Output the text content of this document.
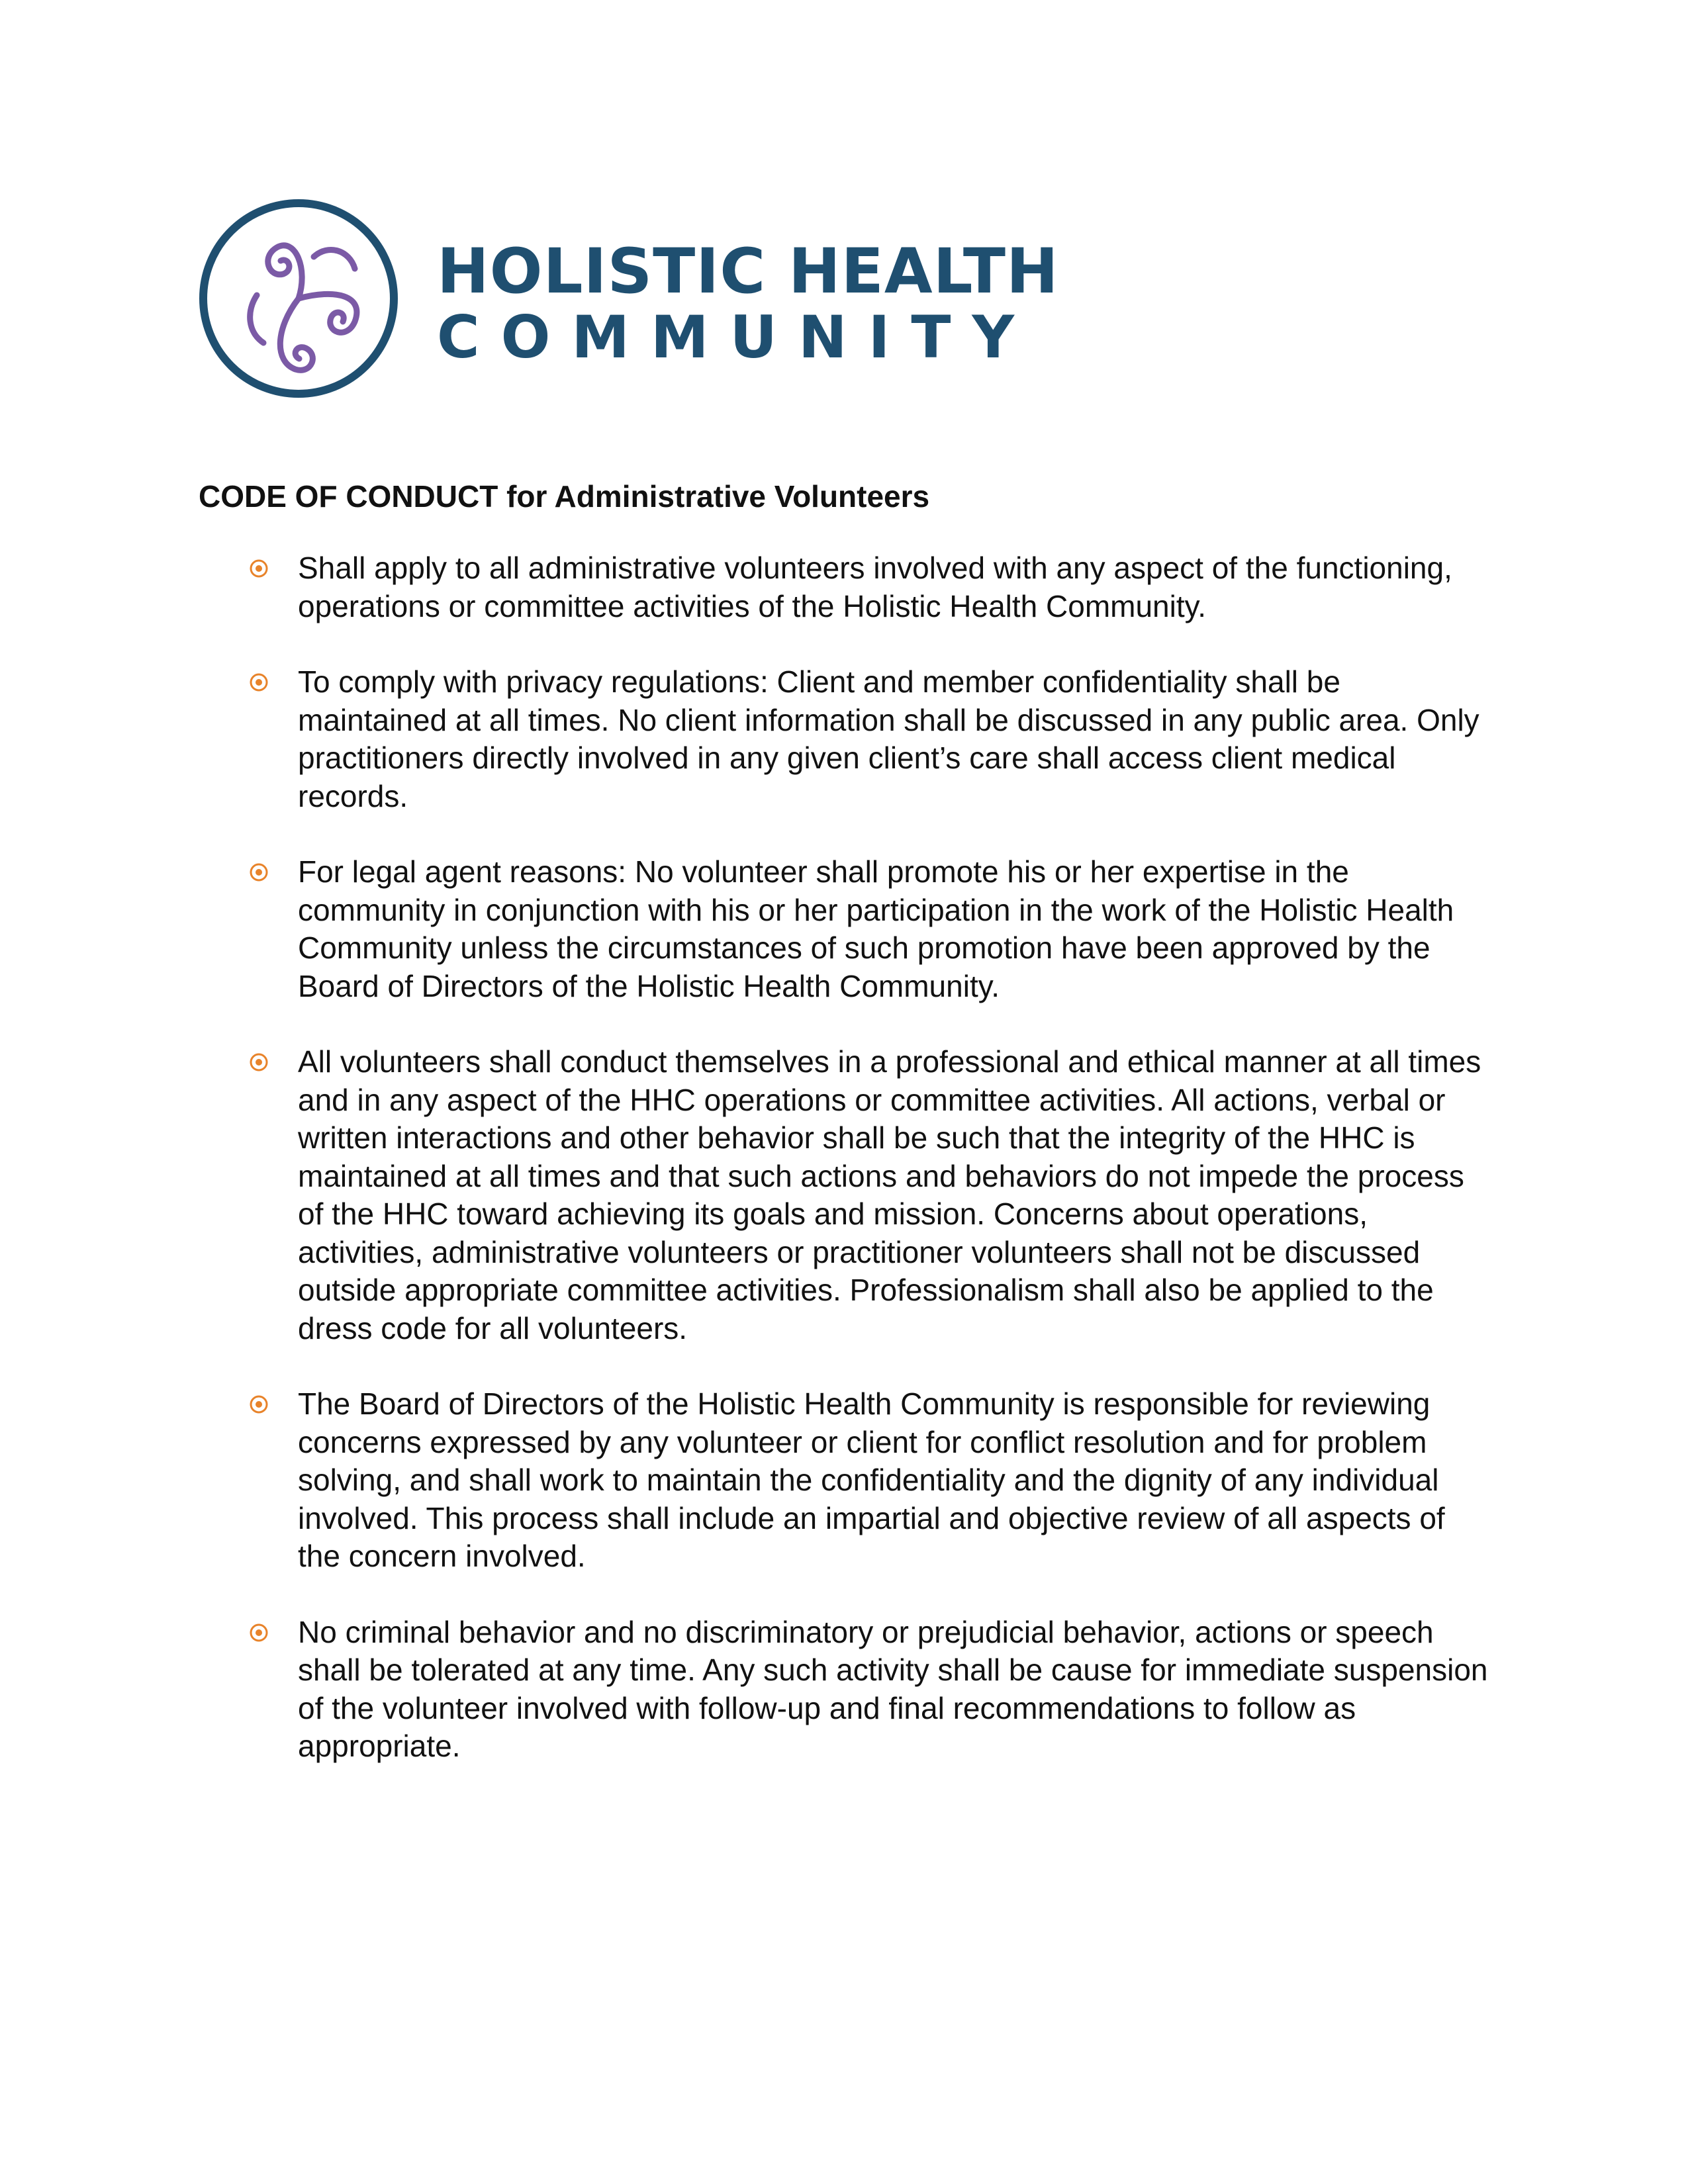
HOLISTIC HEALTH
COMMUNITY
CODE OF CONDUCT for Administrative Volunteers
Shall apply to all administrative volunteers involved with any aspect of the functioning, operations or committee activities of the Holistic Health Community.
To comply with privacy regulations: Client and member confidentiality shall be maintained at all times. No client information shall be discussed in any public area. Only practitioners directly involved in any given client’s care shall access client medical records.
For legal agent reasons: No volunteer shall promote his or her expertise in the community in conjunction with his or her participation in the work of the Holistic Health Community unless the circumstances of such promotion have been approved by the Board of Directors of the Holistic Health Community.
All volunteers shall conduct themselves in a professional and ethical manner at all times and in any aspect of the HHC operations or committee activities. All actions, verbal or written interactions and other behavior shall be such that the integrity of the HHC is maintained at all times and that such actions and behaviors do not impede the process of the HHC toward achieving its goals and mission. Concerns about operations, activities, administrative volunteers or practitioner volunteers shall not be discussed outside appropriate committee activities. Professionalism shall also be applied to the dress code for all volunteers.
The Board of Directors of the Holistic Health Community is responsible for reviewing concerns expressed by any volunteer or client for conflict resolution and for problem solving, and shall work to maintain the confidentiality and the dignity of any individual involved. This process shall include an impartial and objective review of all aspects of the concern involved.
No criminal behavior and no discriminatory or prejudicial behavior, actions or speech shall be tolerated at any time. Any such activity shall be cause for immediate suspension of the volunteer involved with follow-up and final recommendations to follow as appropriate.
